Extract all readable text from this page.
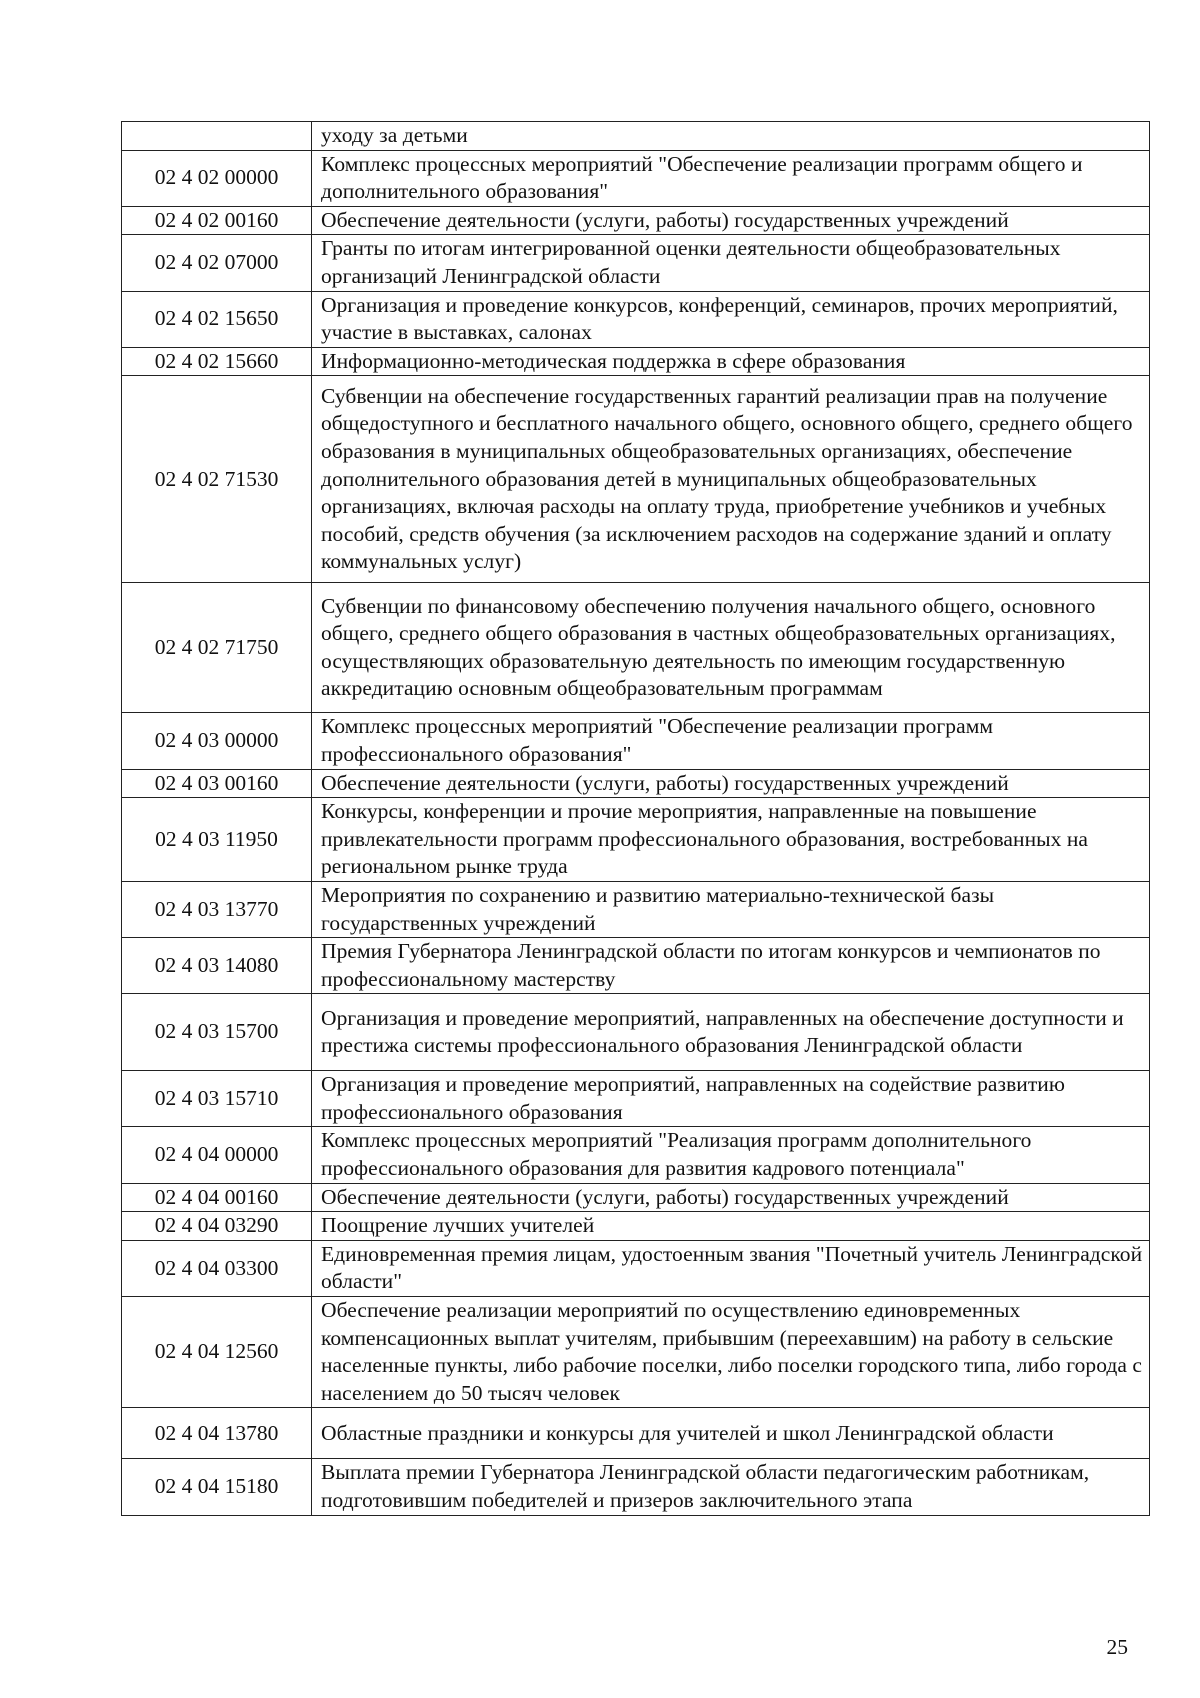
	уходу за детьми
02 4 02 00000	Комплекс процессных мероприятий "Обеспечение реализации программ общего и дополнительного образования"
02 4 02 00160	Обеспечение деятельности (услуги, работы) государственных учреждений
02 4 02 07000	Гранты по итогам интегрированной оценки деятельности общеобразовательных организаций Ленинградской области
02 4 02 15650	Организация и проведение конкурсов, конференций, семинаров, прочих мероприятий, участие в выставках, салонах
02 4 02 15660	Информационно-методическая поддержка в сфере образования
02 4 02 71530	Субвенции на обеспечение государственных гарантий реализации прав на получение общедоступного и бесплатного начального общего, основного общего, среднего общего образования в муниципальных общеобразовательных организациях, обеспечение дополнительного образования детей в муниципальных общеобразовательных организациях, включая расходы на оплату труда, приобретение учебников и учебных пособий, средств обучения (за исключением расходов на содержание зданий и оплату коммунальных услуг)
02 4 02 71750	Субвенции по финансовому обеспечению получения начального общего, основного общего, среднего общего образования в частных общеобразовательных организациях, осуществляющих образовательную деятельность по имеющим государственную аккредитацию основным общеобразовательным программам
02 4 03 00000	Комплекс процессных мероприятий "Обеспечение реализации программ профессионального образования"
02 4 03 00160	Обеспечение деятельности (услуги, работы) государственных учреждений
02 4 03 11950	Конкурсы, конференции и прочие мероприятия, направленные на повышение привлекательности программ профессионального образования, востребованных на региональном рынке труда
02 4 03 13770	Мероприятия по сохранению и развитию материально-технической базы государственных учреждений
02 4 03 14080	Премия Губернатора Ленинградской области по итогам конкурсов и чемпионатов по профессиональному мастерству
02 4 03 15700	Организация и проведение мероприятий, направленных на обеспечение доступности и престижа системы профессионального образования Ленинградской области
02 4 03 15710	Организация и проведение мероприятий, направленных на содействие развитию профессионального образования
02 4 04 00000	Комплекс процессных мероприятий "Реализация программ дополнительного профессионального образования для развития кадрового потенциала"
02 4 04 00160	Обеспечение деятельности (услуги, работы) государственных учреждений
02 4 04 03290	Поощрение лучших учителей
02 4 04 03300	Единовременная премия лицам, удостоенным звания "Почетный учитель Ленинградской области"
02 4 04 12560	Обеспечение реализации мероприятий по осуществлению единовременных компенсационных выплат учителям, прибывшим (переехавшим) на работу в сельские населенные пункты, либо рабочие поселки, либо поселки городского типа, либо города с населением до 50 тысяч человек
02 4 04 13780	Областные праздники и конкурсы для учителей и школ Ленинградской области
02 4 04 15180	Выплата премии Губернатора Ленинградской области педагогическим работникам, подготовившим победителей и призеров заключительного этапа
25
